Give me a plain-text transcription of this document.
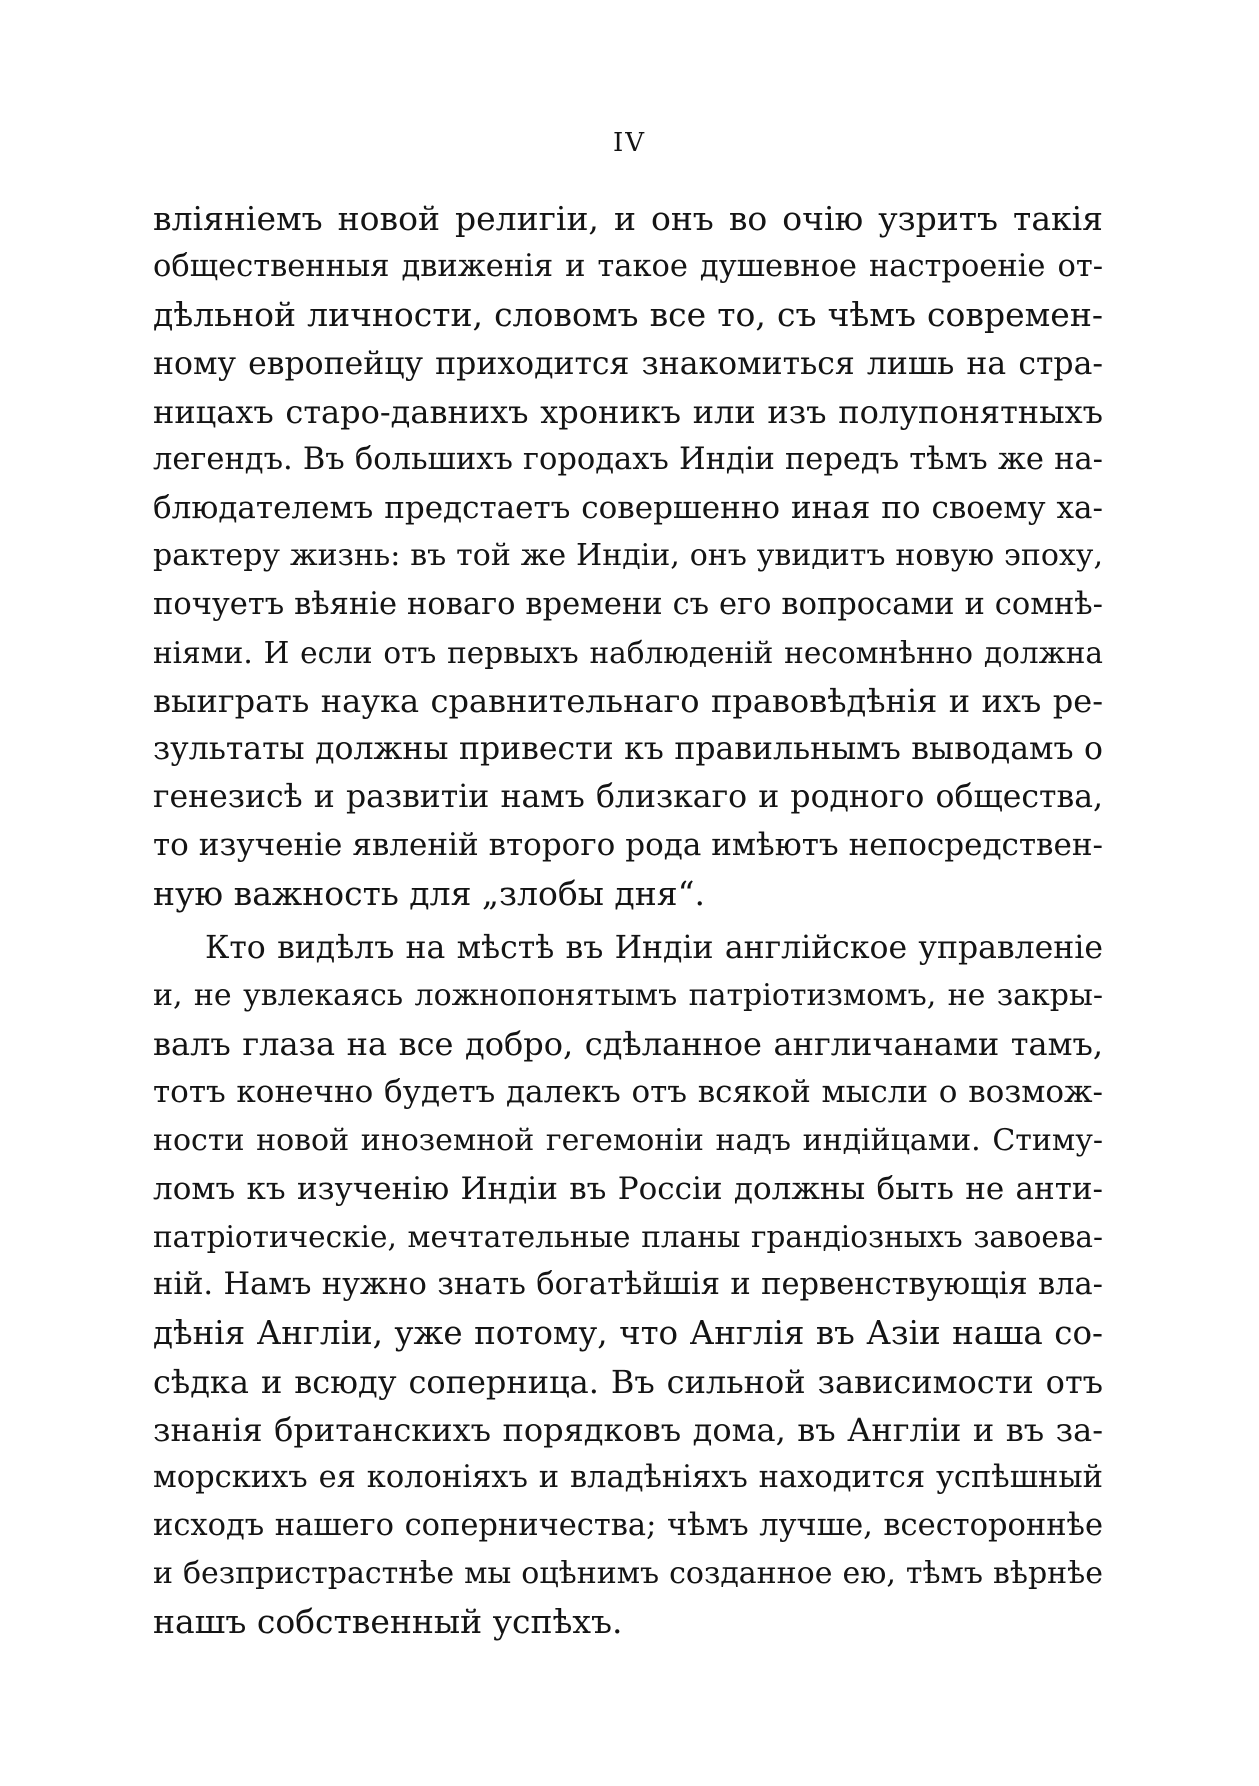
IV
вліяніемъ новой религіи, и онъ во очію узритъ такія
общественныя движенія и такое душевное настроеніе от-
дѣльной личности, словомъ все то, съ чѣмъ современ-
ному европейцу приходится знакомиться лишь на стра-
ницахъ старо-давнихъ хроникъ или изъ полупонятныхъ
легендъ. Въ большихъ городахъ Индіи передъ тѣмъ же на-
блюдателемъ предстаетъ совершенно иная по своему ха-
рактеру жизнь: въ той же Индіи, онъ увидитъ новую эпоху,
почуетъ вѣяніе новаго времени съ его вопросами и сомнѣ-
ніями. И если отъ первыхъ наблюденій несомнѣнно должна
выиграть наука сравнительнаго правовѣдѣнія и ихъ ре-
зультаты должны привести къ правильнымъ выводамъ о
генезисѣ и развитіи намъ близкаго и родного общества,
то изученіе явленій второго рода имѣютъ непосредствен-
ную важность для „злобы дня“.
Кто видѣлъ на мѣстѣ въ Индіи англійское управленіе
и, не увлекаясь ложнопонятымъ патріотизмомъ, не закры-
валъ глаза на все добро, сдѣланное англичанами тамъ,
тотъ конечно будетъ далекъ отъ всякой мысли о возмож-
ности новой иноземной гегемоніи надъ индійцами. Стиму-
ломъ къ изученію Индіи въ Россіи должны быть не анти-
патріотическіе, мечтательные планы грандіозныхъ завоева-
ній. Намъ нужно знать богатѣйшія и первенствующія вла-
дѣнія Англіи, уже потому, что Англія въ Азіи наша со-
сѣдка и всюду соперница. Въ сильной зависимости отъ
знанія британскихъ порядковъ дома, въ Англіи и въ за-
морскихъ ея колоніяхъ и владѣніяхъ находится успѣшный
исходъ нашего соперничества; чѣмъ лучше, всестороннѣе
и безпристрастнѣе мы оцѣнимъ созданное ею, тѣмъ вѣрнѣе
нашъ собственный успѣхъ.
